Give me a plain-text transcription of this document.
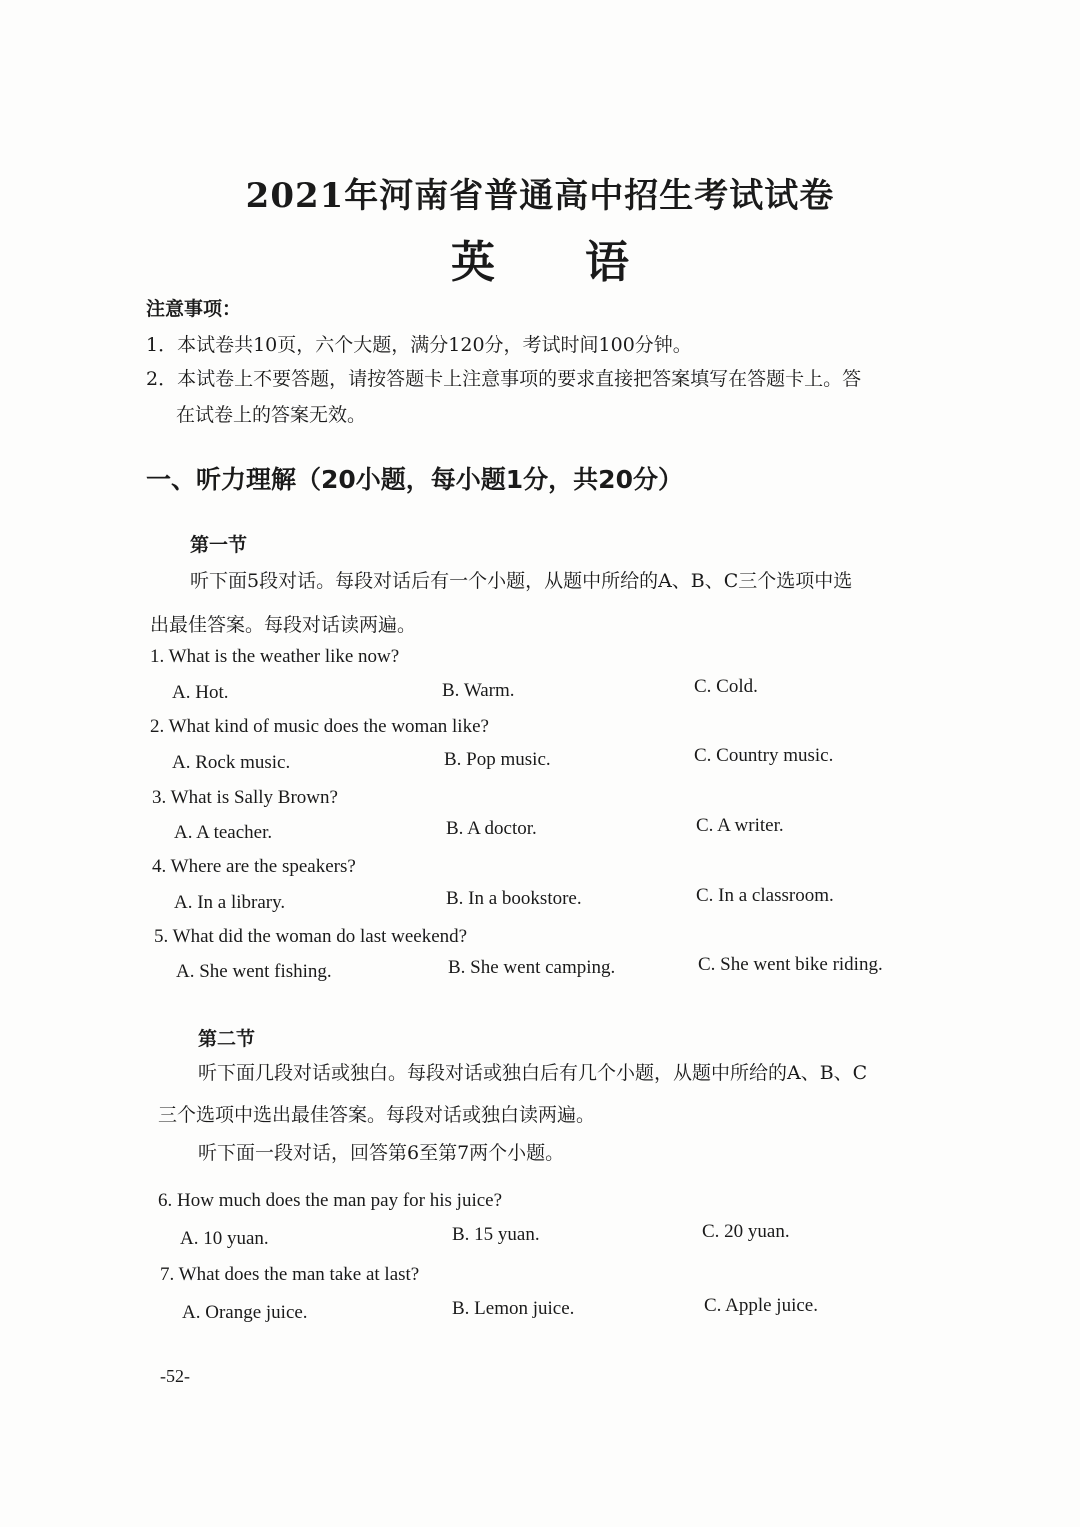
2021年河南省普通高中招生考试试卷
英语
注意事项：
1．本试卷共10页，六个大题，满分120分，考试时间100分钟。
2．本试卷上不要答题，请按答题卡上注意事项的要求直接把答案填写在答题卡上。答
在试卷上的答案无效。
一、听力理解（20小题，每小题1分，共20分）
第一节
听下面5段对话。每段对话后有一个小题，从题中所给的A、B、C三个选项中选
出最佳答案。每段对话读两遍。
1. What is the weather like now?
A. Hot.	B. Warm.	C. Cold.
2. What kind of music does the woman like?
A. Rock music.	B. Pop music.	C. Country music.
3. What is Sally Brown?
A. A teacher.	B. A doctor.	C. A writer.
4. Where are the speakers?
A. In a library.	B. In a bookstore.	C. In a classroom.
5. What did the woman do last weekend?
A. She went fishing.	B. She went camping.	C. She went bike riding.
第二节
听下面几段对话或独白。每段对话或独白后有几个小题，从题中所给的A、B、C
三个选项中选出最佳答案。每段对话或独白读两遍。
听下面一段对话，回答第6至第7两个小题。
6. How much does the man pay for his juice?
A. 10 yuan.	B. 15 yuan.	C. 20 yuan.
7. What does the man take at last?
A. Orange juice.	B. Lemon juice.	C. Apple juice.
-52-
